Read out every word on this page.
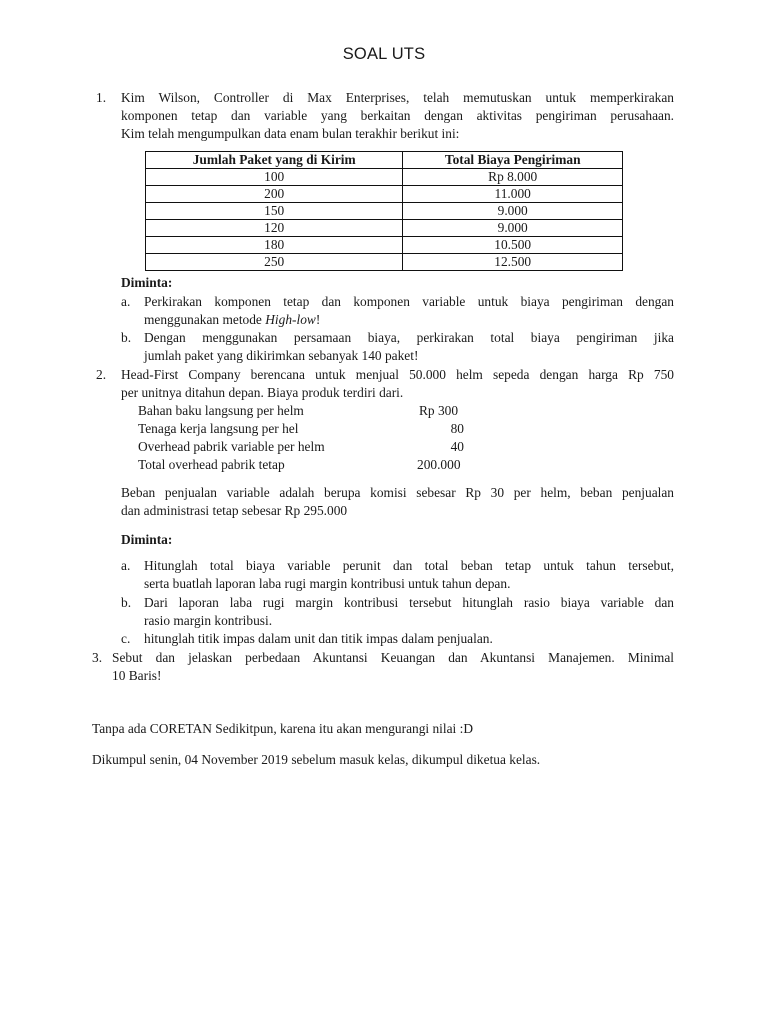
SOAL UTS
1. Kim Wilson, Controller di Max Enterprises, telah memutuskan untuk memperkirakan
komponen tetap dan variable yang berkaitan dengan aktivitas pengiriman perusahaan.
Kim telah mengumpulkan data enam bulan terakhir berikut ini:
Jumlah Paket yang di Kirim	Total Biaya Pengiriman
100	Rp 8.000
200	11.000
150	9.000
120	9.000
180	10.500
250	12.500
Diminta:
a. Perkirakan komponen tetap dan komponen variable untuk biaya pengiriman dengan
menggunakan metode High-low!
b. Dengan menggunakan persamaan biaya, perkirakan total biaya pengiriman jika
jumlah paket yang dikirimkan sebanyak 140 paket!
2. Head-First Company berencana untuk menjual 50.000 helm sepeda dengan harga Rp 750
per unitnya ditahun depan. Biaya produk terdiri dari.
Bahan baku langsung per helm	Rp 300
Tenaga kerja langsung per hel	80
Overhead pabrik variable per helm	40
Total overhead pabrik tetap	200.000
Beban penjualan variable adalah berupa komisi sebesar Rp 30 per helm, beban penjualan
dan administrasi tetap sebesar Rp 295.000
Diminta:
a. Hitunglah total biaya variable perunit dan total beban tetap untuk tahun tersebut,
serta buatlah laporan laba rugi margin kontribusi untuk tahun depan.
b. Dari laporan laba rugi margin kontribusi tersebut hitunglah rasio biaya variable dan
rasio margin kontribusi.
c. hitunglah titik impas dalam unit dan titik impas dalam penjualan.
3. Sebut dan jelaskan perbedaan Akuntansi Keuangan dan Akuntansi Manajemen. Minimal
10 Baris!
Tanpa ada CORETAN Sedikitpun, karena itu akan mengurangi nilai :D
Dikumpul senin, 04 November 2019 sebelum masuk kelas, dikumpul diketua kelas.
